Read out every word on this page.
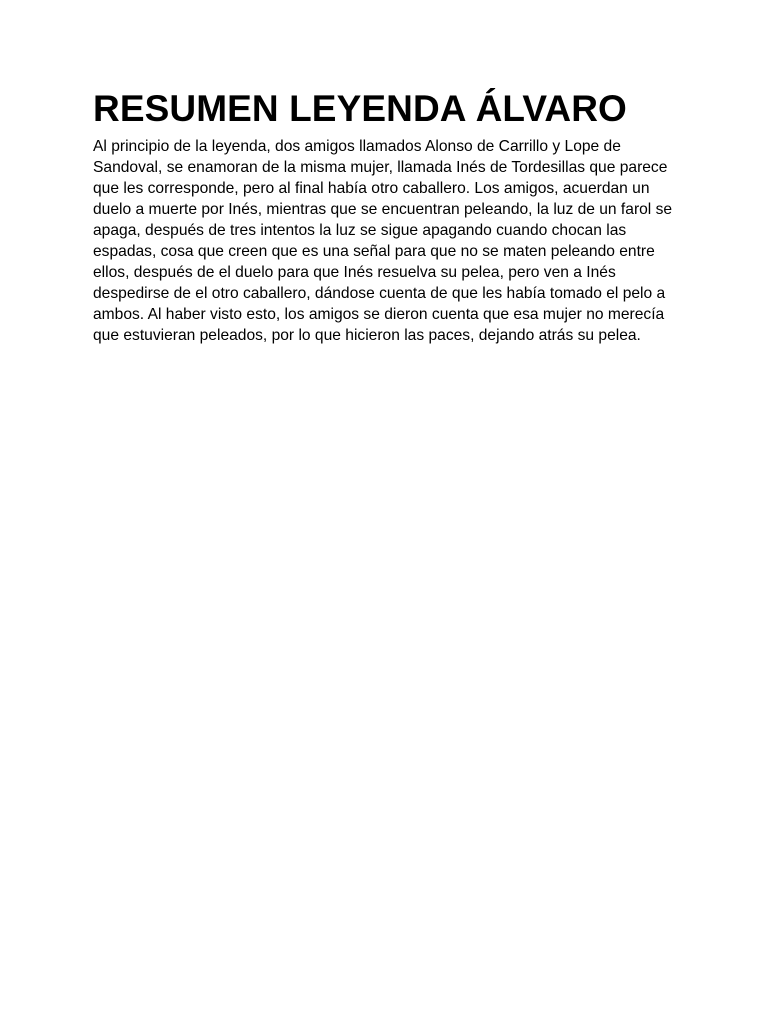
RESUMEN LEYENDA ÁLVARO

Al principio de la leyenda, dos amigos llamados Alonso de Carrillo y Lope de Sandoval, se enamoran de la misma mujer, llamada Inés de Tordesillas que parece que les corresponde, pero al final había otro caballero. Los amigos, acuerdan un duelo a muerte por Inés, mientras que se encuentran peleando, la luz de un farol se apaga, después de tres intentos la luz se sigue apagando cuando chocan las espadas, cosa que creen que es una señal para que no se maten peleando entre ellos, después de el duelo para que Inés resuelva su pelea, pero ven a Inés despedirse de el otro caballero, dándose cuenta de que les había tomado el pelo a ambos. Al haber visto esto, los amigos se dieron cuenta que esa mujer no merecía que estuvieran peleados, por lo que hicieron las paces, dejando atrás su pelea.
